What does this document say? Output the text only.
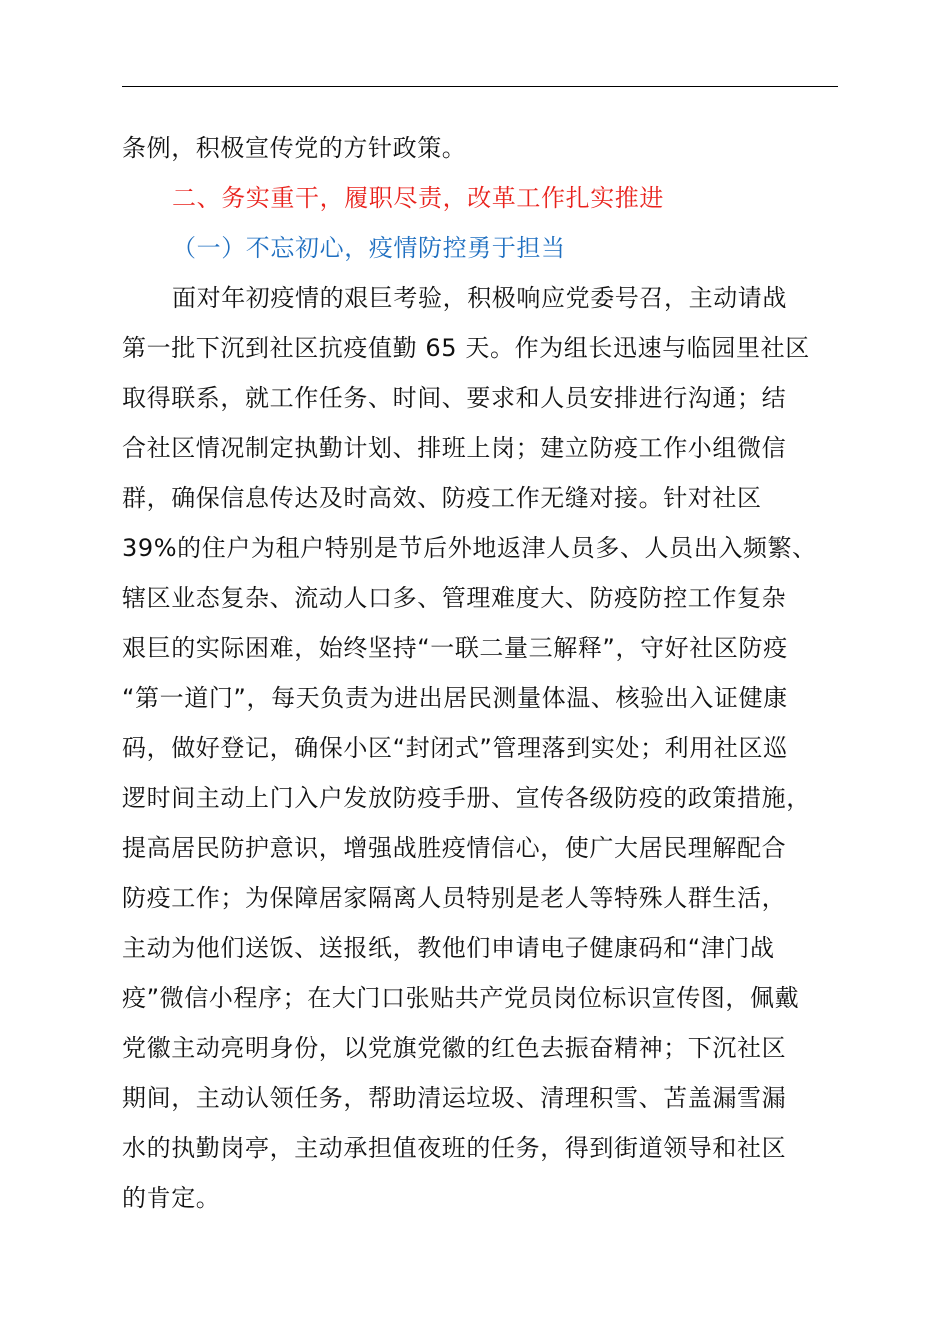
条例，积极宣传党的方针政策。

二、务实重干，履职尽责，改革工作扎实推进

（一）不忘初心，疫情防控勇于担当

面对年初疫情的艰巨考验，积极响应党委号召，主动请战

第一批下沉到社区抗疫值勤 65 天。作为组长迅速与临园里社区

取得联系，就工作任务、时间、要求和人员安排进行沟通；结

合社区情况制定执勤计划、排班上岗；建立防疫工作小组微信

群，确保信息传达及时高效、防疫工作无缝对接。针对社区

39%的住户为租户特别是节后外地返津人员多、人员出入频繁、

辖区业态复杂、流动人口多、管理难度大、防疫防控工作复杂

艰巨的实际困难，始终坚持“一联二量三解释”，守好社区防疫

“第一道门”，每天负责为进出居民测量体温、核验出入证健康

码，做好登记，确保小区“封闭式”管理落到实处；利用社区巡

逻时间主动上门入户发放防疫手册、宣传各级防疫的政策措施，

提高居民防护意识，增强战胜疫情信心，使广大居民理解配合

防疫工作；为保障居家隔离人员特别是老人等特殊人群生活，

主动为他们送饭、送报纸，教他们申请电子健康码和“津门战

疫”微信小程序；在大门口张贴共产党员岗位标识宣传图，佩戴

党徽主动亮明身份，以党旗党徽的红色去振奋精神；下沉社区

期间，主动认领任务，帮助清运垃圾、清理积雪、苫盖漏雪漏

水的执勤岗亭，主动承担值夜班的任务，得到街道领导和社区

的肯定。
